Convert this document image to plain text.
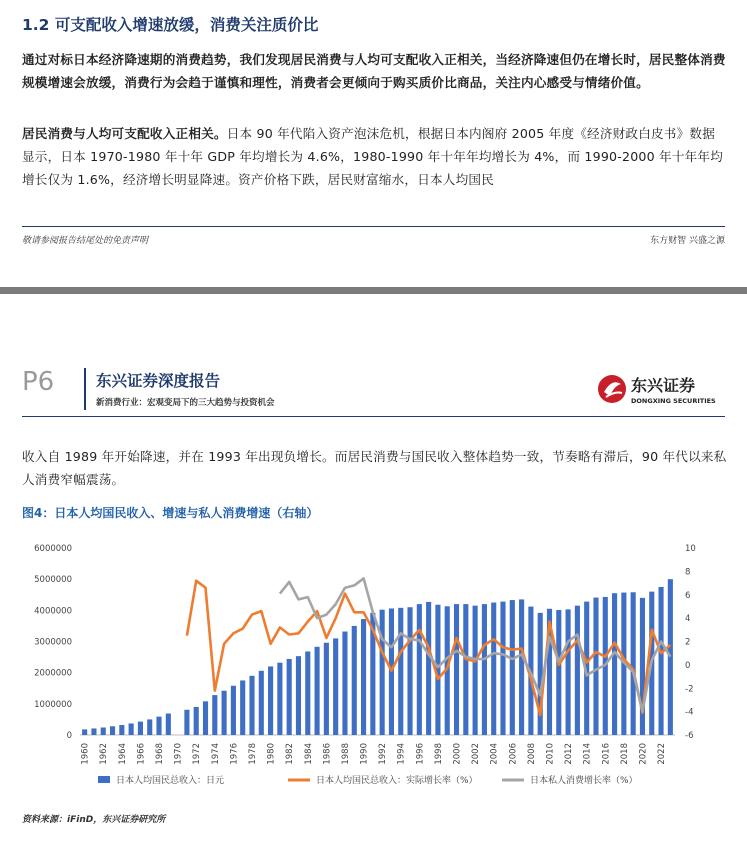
1.2 可支配收入增速放缓，消费关注质价比
通过对标日本经济降速期的消费趋势，我们发现居民消费与人均可支配收入正相关，当经济降速但仍在增长时，居民整体消费规模增速会放缓，消费行为会趋于谨慎和理性，消费者会更倾向于购买质价比商品，关注内心感受与情绪价值。
居民消费与人均可支配收入正相关。日本 90 年代陷入资产泡沫危机，根据日本内阁府 2005 年度《经济财政白皮书》数据显示，日本 1970-1980 年十年 GDP 年均增长为 4.6%，1980-1990 年十年年均增长为 4%，而 1990-2000 年十年年均增长仅为 1.6%，经济增长明显降速。资产价格下跌，居民财富缩水，日本人均国民
敬请参阅报告结尾处的免责声明	东方财智 兴盛之源
P6	东兴证券深度报告
新消费行业：宏观变局下的三大趋势与投资机会
东兴证券
DONGXING SECURITIES
收入自 1989 年开始降速，并在 1993 年出现负增长。而居民消费与国民收入整体趋势一致，节奏略有滞后，90 年代以来私人消费窄幅震荡。
图4：日本人均国民收入、增速与私人消费增速（右轴）
0
1000000
2000000
3000000
4000000
5000000
6000000
-6
-4
-2
0
2
4
6
8
10
1960 1962 1964 1966 1968 1970 1972 1974 1976 1978 1980 1982 1984 1986 1988 1990 1992 1994 1996 1998 2000 2002 2004 2006 2008 2010 2012 2014 2016 2018 2020 2022
日本人均国民总收入：日元	日本人均国民总收入：实际增长率（%）	日本私人消费增长率（%）
资料来源：iFinD，东兴证券研究所
